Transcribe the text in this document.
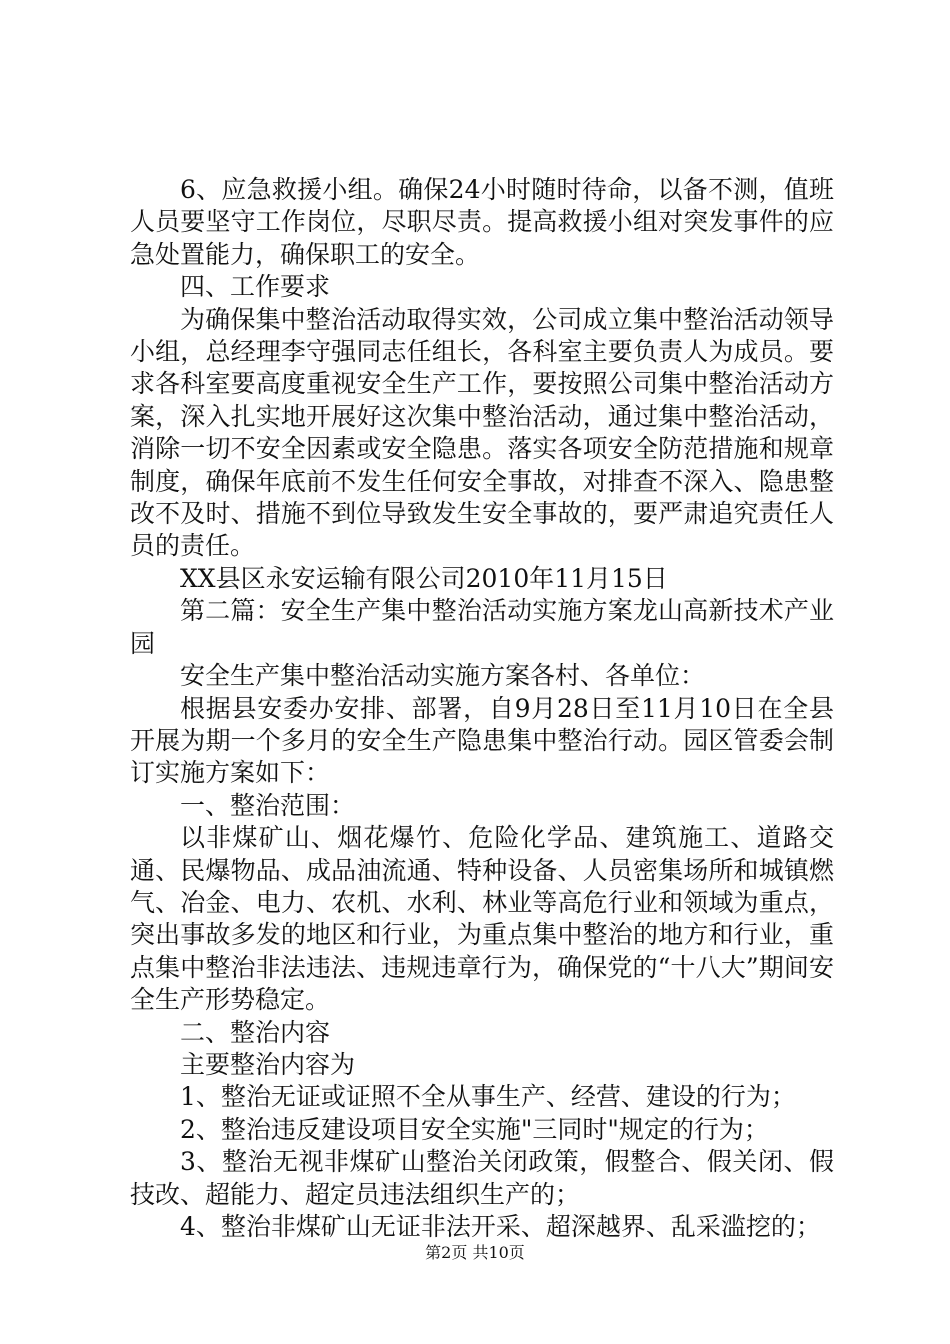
6、应急救援小组。确保24小时随时待命，以备不测，值班人员要坚守工作岗位，尽职尽责。提高救援小组对突发事件的应急处置能力，确保职工的安全。

四、工作要求

为确保集中整治活动取得实效，公司成立集中整治活动领导小组，总经理李守强同志任组长，各科室主要负责人为成员。要求各科室要高度重视安全生产工作，要按照公司集中整治活动方案，深入扎实地开展好这次集中整治活动，通过集中整治活动，消除一切不安全因素或安全隐患。落实各项安全防范措施和规章制度，确保年底前不发生任何安全事故，对排查不深入、隐患整改不及时、措施不到位导致发生安全事故的，要严肃追究责任人员的责任。

XX县区永安运输有限公司2010年11月15日

第二篇：安全生产集中整治活动实施方案龙山高新技术产业园

安全生产集中整治活动实施方案各村、各单位：

根据县安委办安排、部署，自9月28日至11月10日在全县开展为期一个多月的安全生产隐患集中整治行动。园区管委会制订实施方案如下：

一、整治范围：

以非煤矿山、烟花爆竹、危险化学品、建筑施工、道路交通、民爆物品、成品油流通、特种设备、人员密集场所和城镇燃气、冶金、电力、农机、水利、林业等高危行业和领域为重点，突出事故多发的地区和行业，为重点集中整治的地方和行业，重点集中整治非法违法、违规违章行为，确保党的“十八大”期间安全生产形势稳定。

二、整治内容

主要整治内容为

1、整治无证或证照不全从事生产、经营、建设的行为；

2、整治违反建设项目安全实施"三同时"规定的行为；

3、整治无视非煤矿山整治关闭政策，假整合、假关闭、假技改、超能力、超定员违法组织生产的；

4、整治非煤矿山无证非法开采、超深越界、乱采滥挖的；

第2页 共10页
